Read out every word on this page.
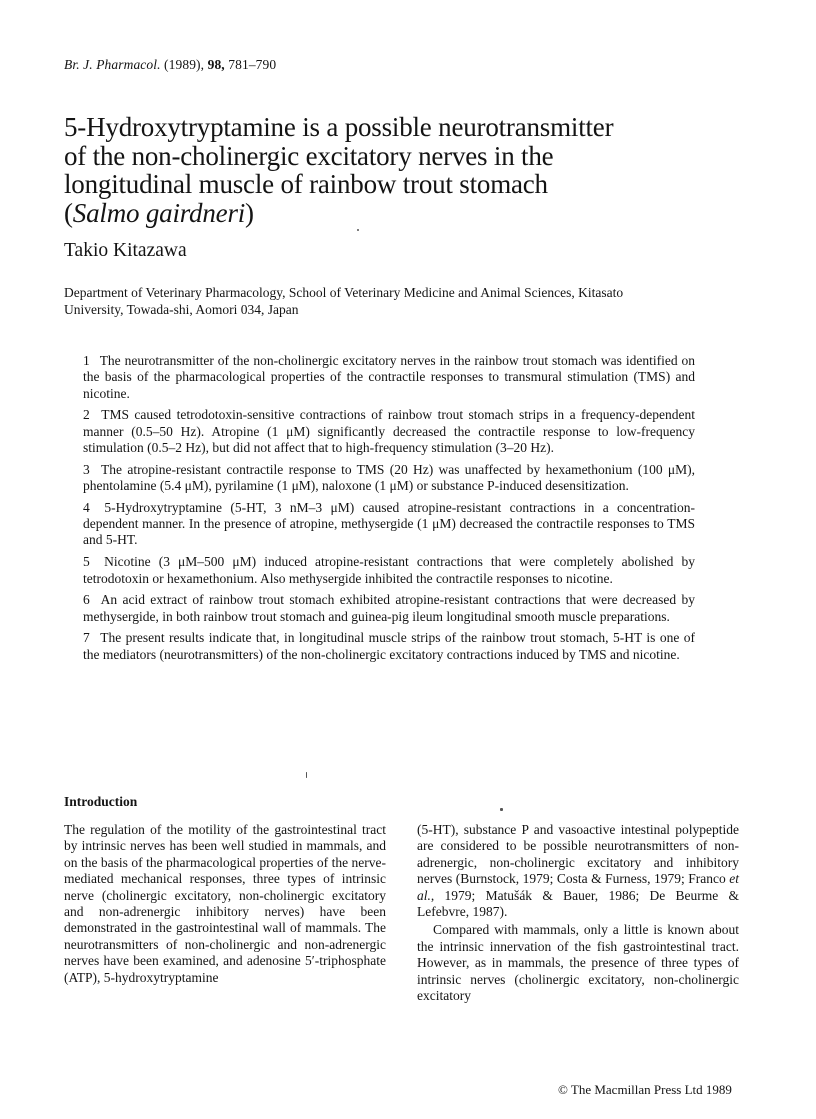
Br. J. Pharmacol. (1989), 98, 781–790
5-Hydroxytryptamine is a possible neurotransmitter
of the non-cholinergic excitatory nerves in the
longitudinal muscle of rainbow trout stomach
(Salmo gairdneri)
Takio Kitazawa
Department of Veterinary Pharmacology, School of Veterinary Medicine and Animal Sciences, Kitasato
University, Towada-shi, Aomori 034, Japan

1 The neurotransmitter of the non-cholinergic excitatory nerves in the rainbow trout stomach was identified on the basis of the pharmacological properties of the contractile responses to transmural stimulation (TMS) and nicotine.

2 TMS caused tetrodotoxin-sensitive contractions of rainbow trout stomach strips in a frequency-dependent manner (0.5–50 Hz). Atropine (1 μM) significantly decreased the contractile response to low-frequency stimulation (0.5–2 Hz), but did not affect that to high-frequency stimulation (3–20 Hz).

3 The atropine-resistant contractile response to TMS (20 Hz) was unaffected by hexamethonium (100 μM), phentolamine (5.4 μM), pyrilamine (1 μM), naloxone (1 μM) or substance P-induced desensitization.

4 5-Hydroxytryptamine (5-HT, 3 nM–3 μM) caused atropine-resistant contractions in a concentration-dependent manner. In the presence of atropine, methysergide (1 μM) decreased the contractile responses to TMS and 5-HT.

5 Nicotine (3 μM–500 μM) induced atropine-resistant contractions that were completely abolished by tetrodotoxin or hexamethonium. Also methysergide inhibited the contractile responses to nicotine.

6 An acid extract of rainbow trout stomach exhibited atropine-resistant contractions that were decreased by methysergide, in both rainbow trout stomach and guinea-pig ileum longitudinal smooth muscle preparations.

7 The present results indicate that, in longitudinal muscle strips of the rainbow trout stomach, 5-HT is one of the mediators (neurotransmitters) of the non-cholinergic excitatory contractions induced by TMS and nicotine.

Introduction

The regulation of the motility of the gastrointestinal tract by intrinsic nerves has been well studied in mammals, and on the basis of the pharmacological properties of the nerve-mediated mechanical responses, three types of intrinsic nerve (cholinergic excitatory, non-cholinergic excitatory and non-adrenergic inhibitory nerves) have been demonstrated in the gastrointestinal wall of mammals. The neurotransmitters of non-cholinergic and non-adrenergic nerves have been examined, and adenosine 5′-triphosphate (ATP), 5-hydroxytryptamine

(5-HT), substance P and vasoactive intestinal polypeptide are considered to be possible neurotransmitters of non-adrenergic, non-cholinergic excitatory and inhibitory nerves (Burnstock, 1979; Costa & Furness, 1979; Franco et al., 1979; Matušák & Bauer, 1986; De Beurme & Lefebvre, 1987).

Compared with mammals, only a little is known about the intrinsic innervation of the fish gastrointestinal tract. However, as in mammals, the presence of three types of intrinsic nerves (cholinergic excitatory, non-cholinergic excitatory

© The Macmillan Press Ltd 1989
